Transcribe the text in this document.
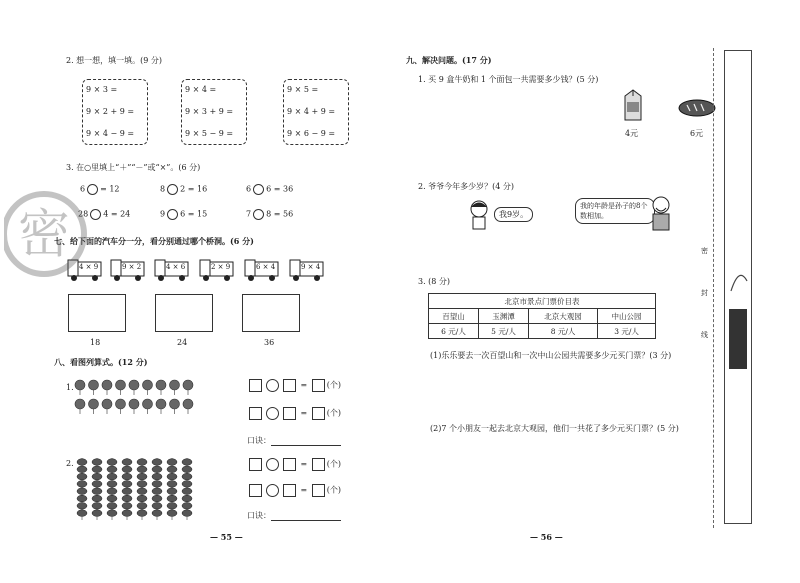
2. 想一想，填一填。(9 分)
9 × 3 =
9 × 2 + 9 =
9 × 4 − 9 =
9 × 4 =
9 × 3 + 9 =
9 × 5 − 9 =
9 × 5 =
9 × 4 + 9 =
9 × 6 − 9 =
3. 在○里填上“＋”“－”或“×”。(6 分)
6 = 12	8 2 = 16	6 6 = 36
28 4 = 24	9 6 = 15	7 8 = 56
七、给下面的汽车分一分，看分别通过哪个桥洞。(6 分)
4 × 9	9 × 2	4 × 6	2 × 9	6 × 4	9 × 4
18	24	36
八、看图列算式。(12 分)
1.	= (个)
= (个)
口诀：
2.	= (个)
= (个)
口诀：
— 55 —
密
九、解决问题。(17 分)
1. 买 9 盒牛奶和 1 个面包一共需要多少钱？(5 分)
4元	6元
2. 爷爷今年多少岁？(4 分)
我9岁。
我的年龄是孙子的8个数相加。
3. (8 分)
北京市景点门票价目表			
百望山	玉渊潭	北京大观园	中山公园
6 元/人	5 元/人	8 元/人	3 元/人
(1)乐乐要去一次百望山和一次中山公园共需要多少元买门票？(3 分)
(2)7 个小朋友一起去北京大观园，他们一共花了多少元买门票？(5 分)
— 56 —
密
封
线
